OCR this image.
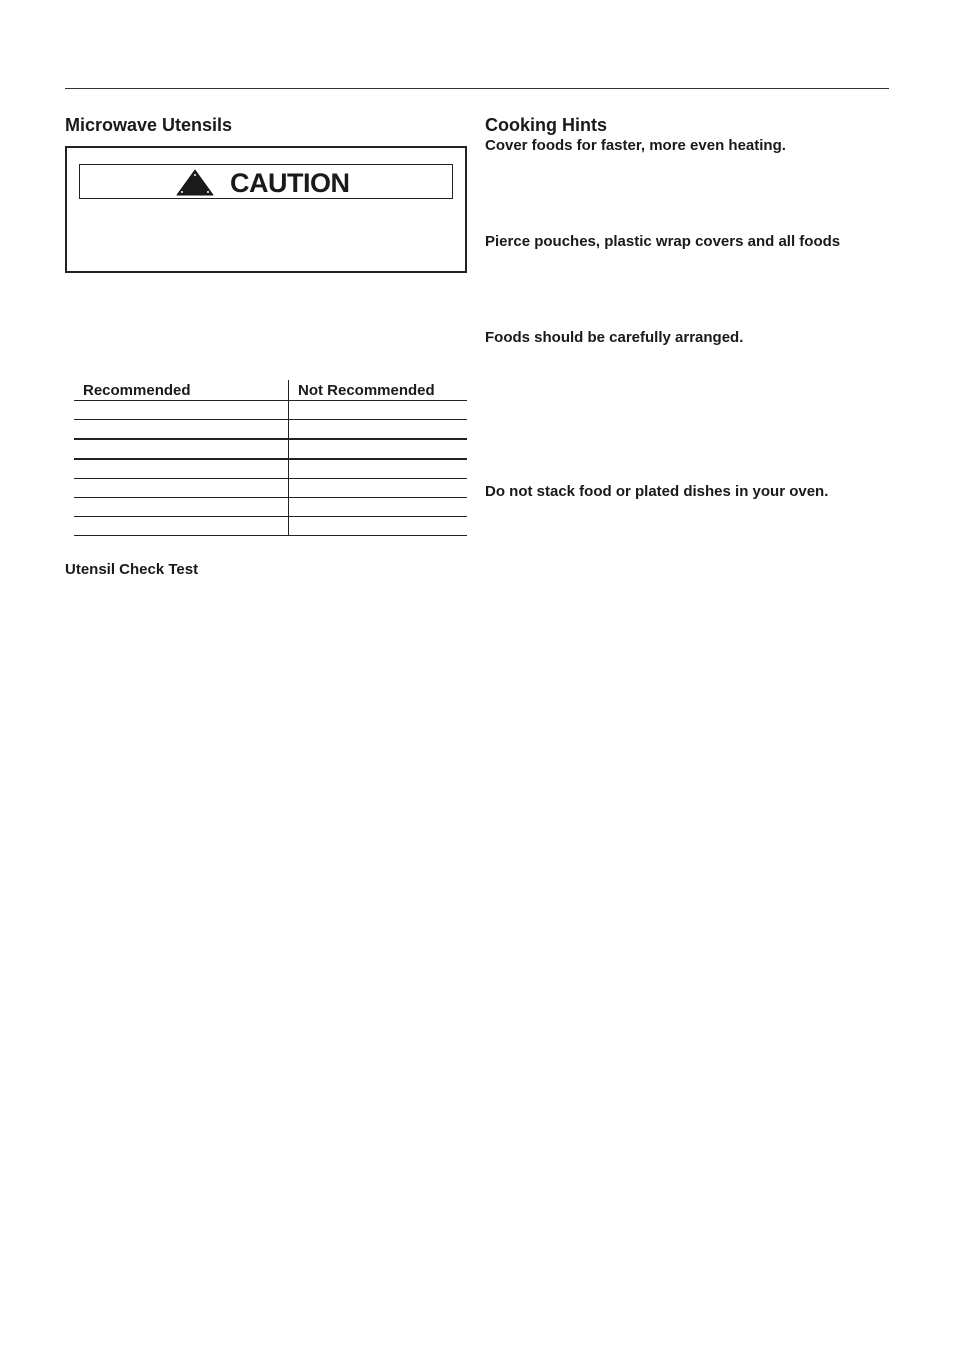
Microwave Utensils
CAUTION
Recommended	Not Recommended

Utensil Check Test

Cooking Hints

Cover foods for faster, more even heating.

Pierce pouches, plastic wrap covers and all foods

Foods should be carefully arranged.

Do not stack food or plated dishes in your oven.
